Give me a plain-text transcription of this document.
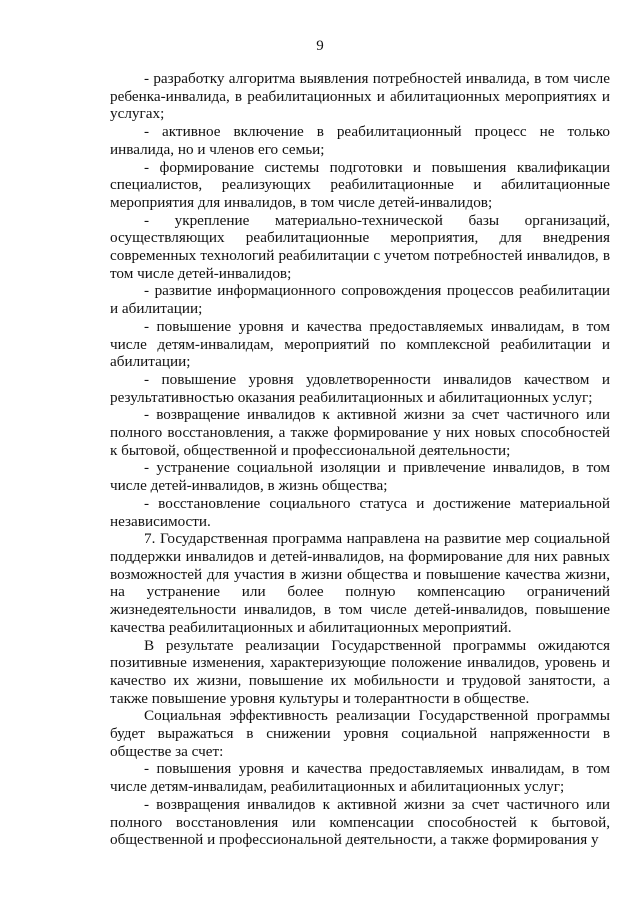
9

- разработку алгоритма выявления потребностей инвалида, в том числе ребенка-инвалида, в реабилитационных и абилитационных мероприятиях и услугах;

- активное включение в реабилитационный процесс не только инвалида, но и членов его семьи;

- формирование системы подготовки и повышения квалификации специалистов, реализующих реабилитационные и абилитационные мероприятия для инвалидов, в том числе детей-инвалидов;

- укрепление материально-технической базы организаций, осуществляющих реабилитационные мероприятия, для внедрения современных технологий реабилитации с учетом потребностей инвалидов, в том числе детей-инвалидов;

- развитие информационного сопровождения процессов реабилитации и абилитации;

- повышение уровня и качества предоставляемых инвалидам, в том числе детям-инвалидам, мероприятий по комплексной реабилитации и абилитации;

- повышение уровня удовлетворенности инвалидов качеством и результативностью оказания реабилитационных и абилитационных услуг;

- возвращение инвалидов к активной жизни за счет частичного или полного восстановления, а также формирование у них новых способностей к бытовой, общественной и профессиональной деятельности;

- устранение социальной изоляции и привлечение инвалидов, в том числе детей-инвалидов, в жизнь общества;

- восстановление социального статуса и достижение материальной независимости.

7. Государственная программа направлена на развитие мер социальной поддержки инвалидов и детей-инвалидов, на формирование для них равных возможностей для участия в жизни общества и повышение качества жизни, на устранение или более полную компенсацию ограничений жизнедеятельности инвалидов, в том числе детей-инвалидов, повышение качества реабилитационных и абилитационных мероприятий.

В результате реализации Государственной программы ожидаются позитивные изменения, характеризующие положение инвалидов, уровень и качество их жизни, повышение их мобильности и трудовой занятости, а также повышение уровня культуры и толерантности в обществе.

Социальная эффективность реализации Государственной программы будет выражаться в снижении уровня социальной напряженности в обществе за счет:

- повышения уровня и качества предоставляемых инвалидам, в том числе детям-инвалидам, реабилитационных и абилитационных услуг;

- возвращения инвалидов к активной жизни за счет частичного или полного восстановления или компенсации способностей к бытовой, общественной и профессиональной деятельности, а также формирования у
